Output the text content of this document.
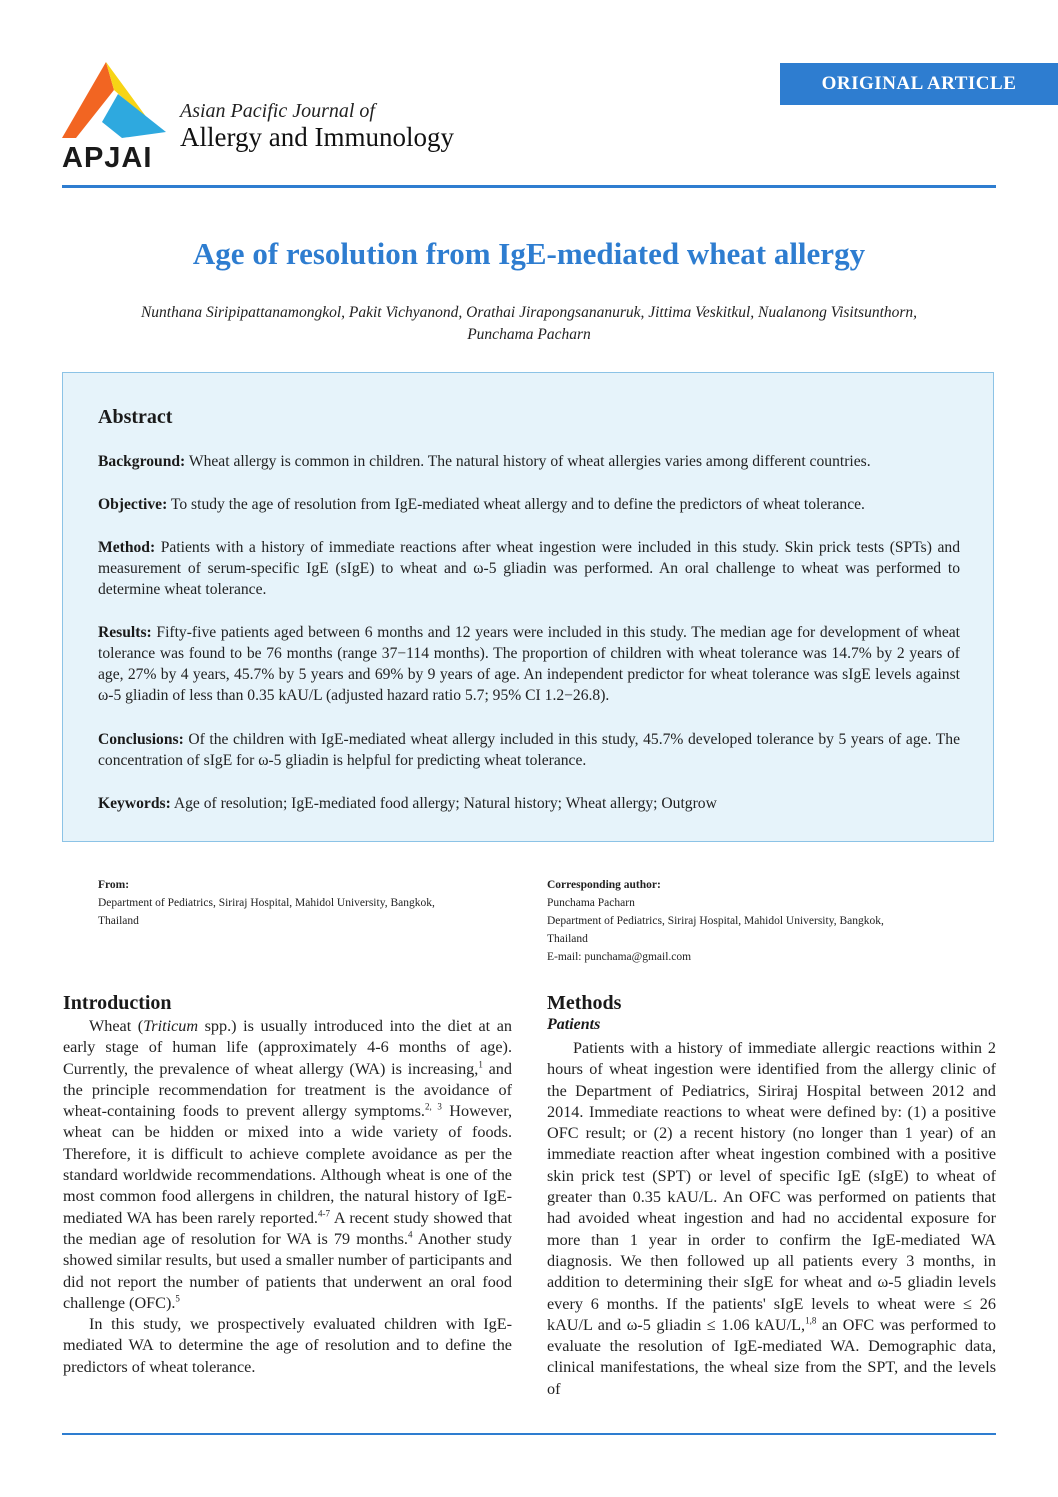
APJAI
Asian Pacific Journal of
Allergy and Immunology
ORIGINAL ARTICLE
Age of resolution from IgE-mediated wheat allergy
Nunthana Siripipattanamongkol, Pakit Vichyanond, Orathai Jirapongsananuruk, Jittima Veskitkul, Nualanong Visitsunthorn,
Punchama Pacharn
Abstract
Background: Wheat allergy is common in children. The natural history of wheat allergies varies among different countries.
Objective: To study the age of resolution from IgE-mediated wheat allergy and to define the predictors of wheat tolerance.
Method: Patients with a history of immediate reactions after wheat ingestion were included in this study. Skin prick tests (SPTs) and measurement of serum-specific IgE (sIgE) to wheat and ω-5 gliadin was performed. An oral challenge to wheat was performed to determine wheat tolerance.
Results: Fifty-five patients aged between 6 months and 12 years were included in this study. The median age for development of wheat tolerance was found to be 76 months (range 37−114 months). The proportion of children with wheat tolerance was 14.7% by 2 years of age, 27% by 4 years, 45.7% by 5 years and 69% by 9 years of age. An independent predictor for wheat tolerance was sIgE levels against ω-5 gliadin of less than 0.35 kAU/L (adjusted hazard ratio 5.7; 95% CI 1.2−26.8).
Conclusions: Of the children with IgE-mediated wheat allergy included in this study, 45.7% developed tolerance by 5 years of age. The concentration of sIgE for ω-5 gliadin is helpful for predicting wheat tolerance.
Keywords: Age of resolution; IgE-mediated food allergy; Natural history; Wheat allergy; Outgrow
From:
Department of Pediatrics, Siriraj Hospital, Mahidol University, Bangkok,
Thailand
Corresponding author:
Punchama Pacharn
Department of Pediatrics, Siriraj Hospital, Mahidol University, Bangkok,
Thailand
E-mail: punchama@gmail.com
Introduction

Wheat (Triticum spp.) is usually introduced into the diet at an early stage of human life (approximately 4-6 months of age). Currently, the prevalence of wheat allergy (WA) is increasing,$^1$ and the principle recommendation for treatment is the avoidance of wheat-containing foods to prevent allergy symptoms.$^{2, 3}$ However, wheat can be hidden or mixed into a wide variety of foods. Therefore, it is difficult to achieve complete avoidance as per the standard worldwide recommendations. Although wheat is one of the most common food allergens in children, the natural history of IgE-mediated WA has been rarely reported.$^{4-7}$ A recent study showed that the median age of resolution for WA is 79 months.$^4$ Another study showed similar results, but used a smaller number of participants and did not report the number of patients that underwent an oral food challenge (OFC).$^5$

In this study, we prospectively evaluated children with IgE-mediated WA to determine the age of resolution and to define the predictors of wheat tolerance.

Methods
Patients

Patients with a history of immediate allergic reactions within 2 hours of wheat ingestion were identified from the allergy clinic of the Department of Pediatrics, Siriraj Hospital between 2012 and 2014. Immediate reactions to wheat were defined by: (1) a positive OFC result; or (2) a recent history (no longer than 1 year) of an immediate reaction after wheat ingestion combined with a positive skin prick test (SPT) or level of specific IgE (sIgE) to wheat of greater than 0.35 kAU/L. An OFC was performed on patients that had avoided wheat ingestion and had no accidental exposure for more than 1 year in order to confirm the IgE-mediated WA diagnosis. We then followed up all patients every 3 months, in addition to determining their sIgE for wheat and ω-5 gliadin levels every 6 months. If the patients' sIgE levels to wheat were ≤ 26 kAU/L and ω-5 gliadin ≤ 1.06 kAU/L,$^{1,8}$ an OFC was performed to evaluate the resolution of IgE-mediated WA. Demographic data, clinical manifestations, the wheal size from the SPT, and the levels of
